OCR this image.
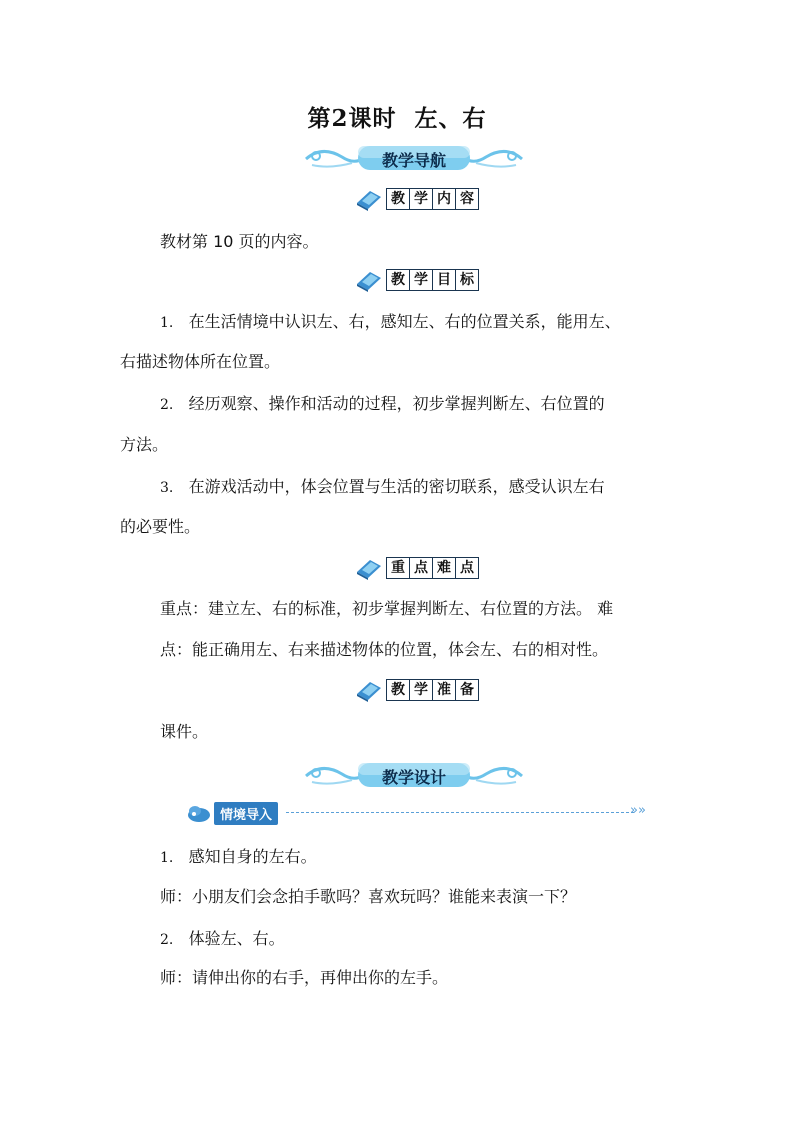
第2课时 左、右
教学导航
教 学 内 容
教材第 10 页的内容。
教 学 目 标
1. 在生活情境中认识左、右，感知左、右的位置关系，能用左、
右描述物体所在位置。
2. 经历观察、操作和活动的过程，初步掌握判断左、右位置的
方法。
3. 在游戏活动中，体会位置与生活的密切联系，感受认识左右
的必要性。
重 点 难 点
重点：建立左、右的标准，初步掌握判断左、右位置的方法。 难
点：能正确用左、右来描述物体的位置，体会左、右的相对性。
教 学 准 备
课件。
教学设计
情境导入	»»
1. 感知自身的左右。
师：小朋友们会念拍手歌吗？喜欢玩吗？谁能来表演一下？
2. 体验左、右。
师：请伸出你的右手，再伸出你的左手。
